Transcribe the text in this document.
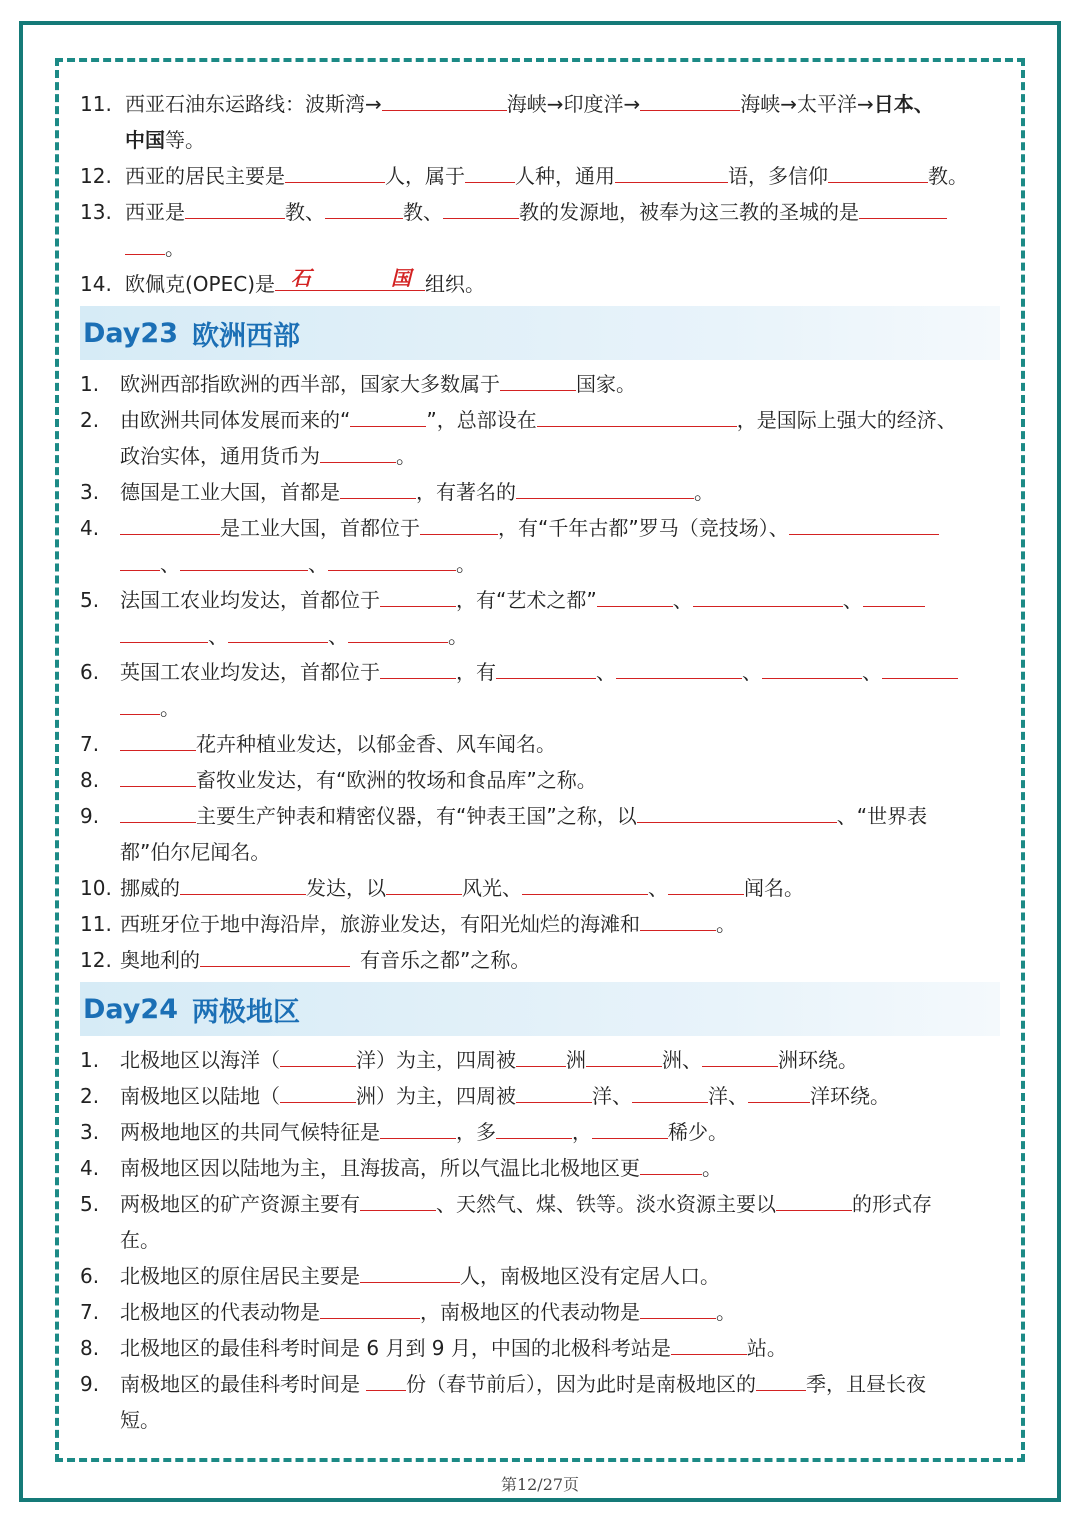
11. 西亚石油东运路线：波斯湾→	海峡→印度洋→	海峡→太平洋→日本、
中国等。
12. 西亚的居民主要是	人，属于	人种，通用	语，多信仰	教。
13. 西亚是	教、	教、	教的发源地，被奉为这三教的圣城的是
。
14. 欧佩克(OPEC)是 石	国 组织。
Day23 欧洲西部
1. 欧洲西部指欧洲的西半部，国家大多数属于	国家。
2. 由欧洲共同体发展而来的“	”，总部设在	，是国际上强大的经济、
政治实体，通用货币为	。
3. 德国是工业大国，首都是	，有著名的	。
4.	是工业大国，首都位于	，有“千年古都”罗马（竞技场）、
、	、	。
5. 法国工农业均发达，首都位于	，有“艺术之都”	、	、
、	、	。
6. 英国工农业均发达，首都位于	，有	、	、	、
。
7.	花卉种植业发达，以郁金香、风车闻名。
8.	畜牧业发达，有“欧洲的牧场和食品库”之称。
9.	主要生产钟表和精密仪器，有“钟表王国”之称，以	、“世界表
都”伯尔尼闻名。
10. 挪威的	发达，以	风光、	、	闻名。
11. 西班牙位于地中海沿岸，旅游业发达，有阳光灿烂的海滩和	。
12. 奥地利的	有音乐之都”之称。
Day24 两极地区
1. 北极地区以海洋（	洋）为主，四周被	洲	洲、	洲环绕。
2. 南极地区以陆地（	洲）为主，四周被	洋、	洋、	洋环绕。
3. 两极地地区的共同气候特征是	，多	，	稀少。
4. 南极地区因以陆地为主，且海拔高，所以气温比北极地区更	。
5. 两极地区的矿产资源主要有	、天然气、煤、铁等。淡水资源主要以	的形式存
在。
6. 北极地区的原住居民主要是	人，南极地区没有定居人口。
7. 北极地区的代表动物是	，南极地区的代表动物是	。
8. 北极地区的最佳科考时间是 6 月到 9 月，中国的北极科考站是	站。
9. 南极地区的最佳科考时间是 份（春节前后），因为此时是南极地区的	季，且昼长夜
短。
第12/27页
